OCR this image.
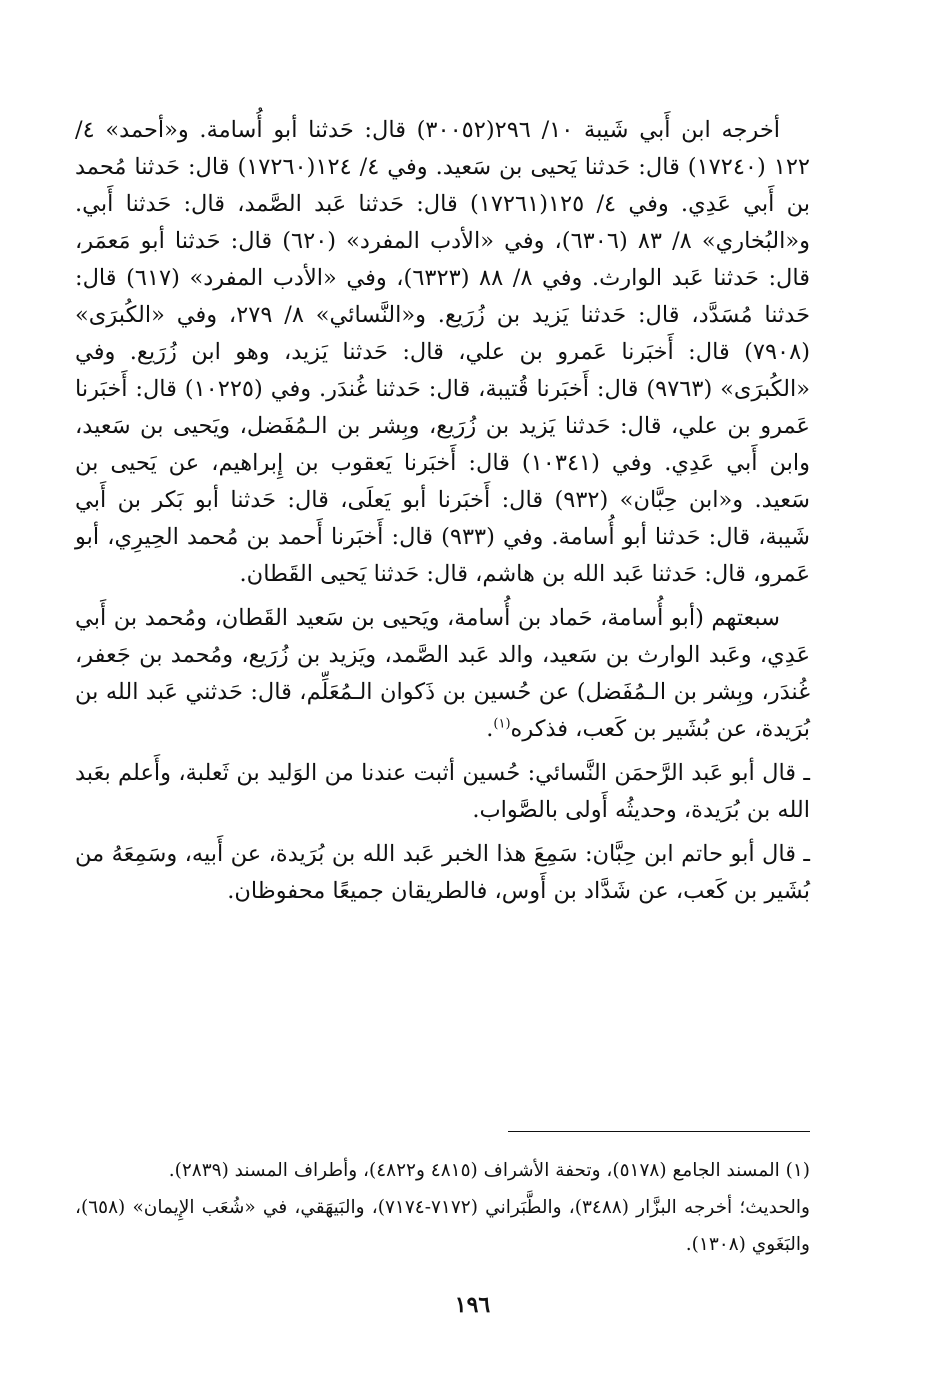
أخرجه ابن أَبي شَيبة ١٠/ ٢٩٦(٣٠٠٥٢) قال: حَدثنا أبو أُسامة. و«أحمد» ٤/ ١٢٢ (١٧٢٤٠) قال: حَدثنا يَحيى بن سَعيد. وفي ٤/ ١٢٤(١٧٢٦٠) قال: حَدثنا مُحمد بن أَبي عَدِي. وفي ٤/ ١٢٥(١٧٢٦١) قال: حَدثنا عَبد الصَّمد، قال: حَدثنا أَبي. و«البُخاري» ٨/ ٨٣ (٦٣٠٦)، وفي «الأدب المفرد» (٦٢٠) قال: حَدثنا أبو مَعمَر، قال: حَدثنا عَبد الوارث. وفي ٨/ ٨٨ (٦٣٢٣)، وفي «الأدب المفرد» (٦١٧) قال: حَدثنا مُسَدَّد، قال: حَدثنا يَزيد بن زُرَيع. و«النَّسائي» ٨/ ٢٧٩، وفي «الكُبرَى» (٧٩٠٨) قال: أَخبَرنا عَمرو بن علي، قال: حَدثنا يَزيد، وهو ابن زُرَيع. وفي «الكُبرَى» (٩٧٦٣) قال: أَخبَرنا قُتيبة، قال: حَدثنا غُندَر. وفي (١٠٢٢٥) قال: أَخبَرنا عَمرو بن علي، قال: حَدثنا يَزيد بن زُرَيع، وبِشر بن الـمُفَضل، ويَحيى بن سَعيد، وابن أَبي عَدِي. وفي (١٠٣٤١) قال: أَخبَرنا يَعقوب بن إِبراهيم، عن يَحيى بن سَعيد. و«ابن حِبَّان» (٩٣٢) قال: أَخبَرنا أبو يَعلَى، قال: حَدثنا أبو بَكر بن أَبي شَيبة، قال: حَدثنا أبو أُسامة. وفي (٩٣٣) قال: أَخبَرنا أَحمد بن مُحمد الحِيرِي، أبو عَمرو، قال: حَدثنا عَبد الله بن هاشم، قال: حَدثنا يَحيى القَطان.

سبعتهم (أبو أُسامة، حَماد بن أُسامة، ويَحيى بن سَعيد القَطان، ومُحمد بن أَبي عَدِي، وعَبد الوارث بن سَعيد، والد عَبد الصَّمد، ويَزيد بن زُرَيع، ومُحمد بن جَعفر، غُندَر، وبِشر بن الـمُفَضل) عن حُسين بن ذَكوان الـمُعَلِّم، قال: حَدثني عَبد الله بن بُرَيدة، عن بُشَير بن كَعب، فذكره$^{(١)}$.

ـ قال أبو عَبد الرَّحمَن النَّسائي: حُسين أثبت عندنا من الوَليد بن ثَعلبة، وأَعلم بعَبد الله بن بُرَيدة، وحديثُه أَولى بالصَّواب.

ـ قال أبو حاتم ابن حِبَّان: سَمِعَ هذا الخبر عَبد الله بن بُرَيدة، عن أَبيه، وسَمِعَهُ من بُشَير بن كَعب، عن شَدَّاد بن أَوس، فالطريقان جميعًا محفوظان.

(١) المسند الجامع (٥١٧٨)، وتحفة الأشراف (٤٨١٥ و٤٨٢٢)، وأطراف المسند (٢٨٣٩).

والحديث؛ أخرجه البزَّار (٣٤٨٨)، والطَّبَراني (٧١٧٢-٧١٧٤)، والبَيهَقي، في «شُعَب الإِيمان» (٦٥٨)، والبَغَوي (١٣٠٨).

١٩٦
